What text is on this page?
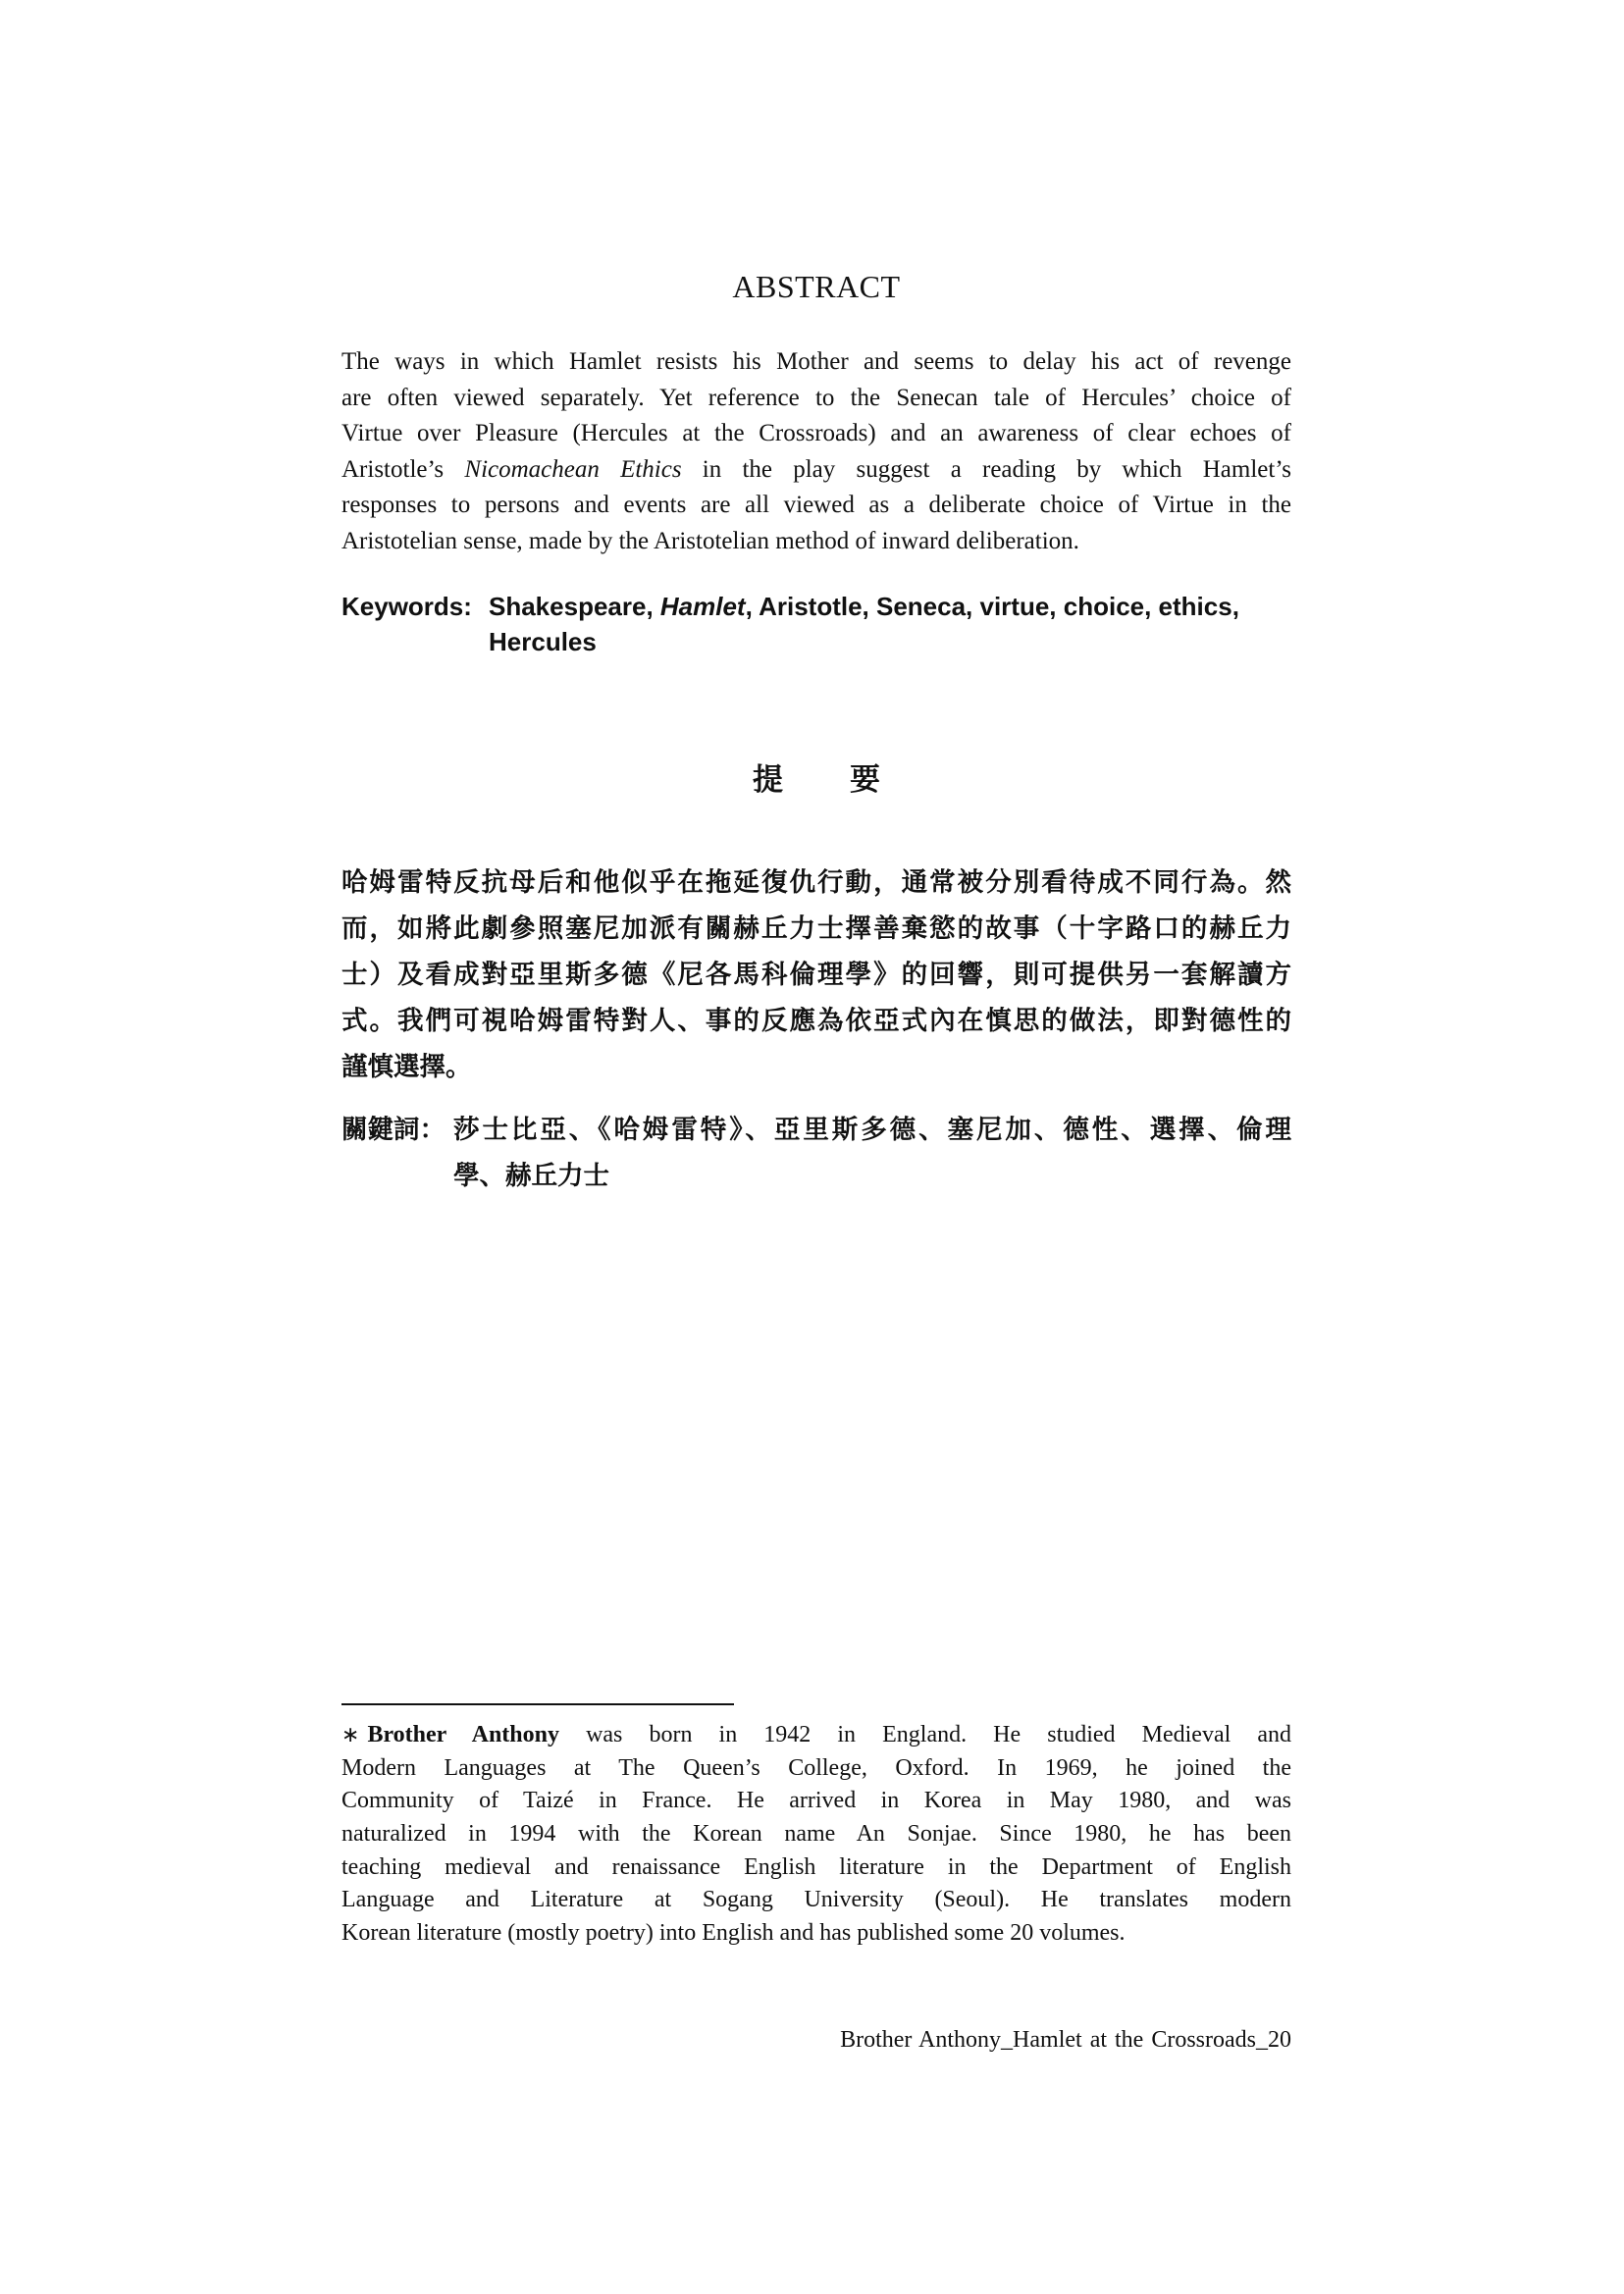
ABSTRACT
The ways in which Hamlet resists his Mother and seems to delay his act of revenge
are often viewed separately. Yet reference to the Senecan tale of Hercules’ choice of
Virtue over Pleasure (Hercules at the Crossroads) and an awareness of clear echoes of
Aristotle’s Nicomachean Ethics in the play suggest a reading by which Hamlet’s
responses to persons and events are all viewed as a deliberate choice of Virtue in the
Aristotelian sense, made by the Aristotelian method of inward deliberation.
Keywords: Shakespeare, Hamlet, Aristotle, Seneca, virtue, choice, ethics,
Hercules
提 要
哈姆雷特反抗母后和他似乎在拖延復仇行動，通常被分別看待成不同行為。然
而，如將此劇參照塞尼加派有關赫丘力士擇善棄慾的故事（十字路口的赫丘力
士）及看成對亞里斯多德《尼各馬科倫理學》的回響，則可提供另一套解讀方
式。我們可視哈姆雷特對人、事的反應為依亞式內在慎思的做法，即對德性的
謹慎選擇。
關鍵詞： 莎士比亞、《哈姆雷特》、亞里斯多德、塞尼加、德性、選擇、倫理
學、赫丘力士
∗ Brother Anthony was born in 1942 in England. He studied Medieval and
Modern Languages at The Queen’s College, Oxford. In 1969, he joined the
Community of Taizé in France. He arrived in Korea in May 1980, and was
naturalized in 1994 with the Korean name An Sonjae. Since 1980, he has been
teaching medieval and renaissance English literature in the Department of English
Language and Literature at Sogang University (Seoul). He translates modern
Korean literature (mostly poetry) into English and has published some 20 volumes.
Brother Anthony_Hamlet at the Crossroads_20
